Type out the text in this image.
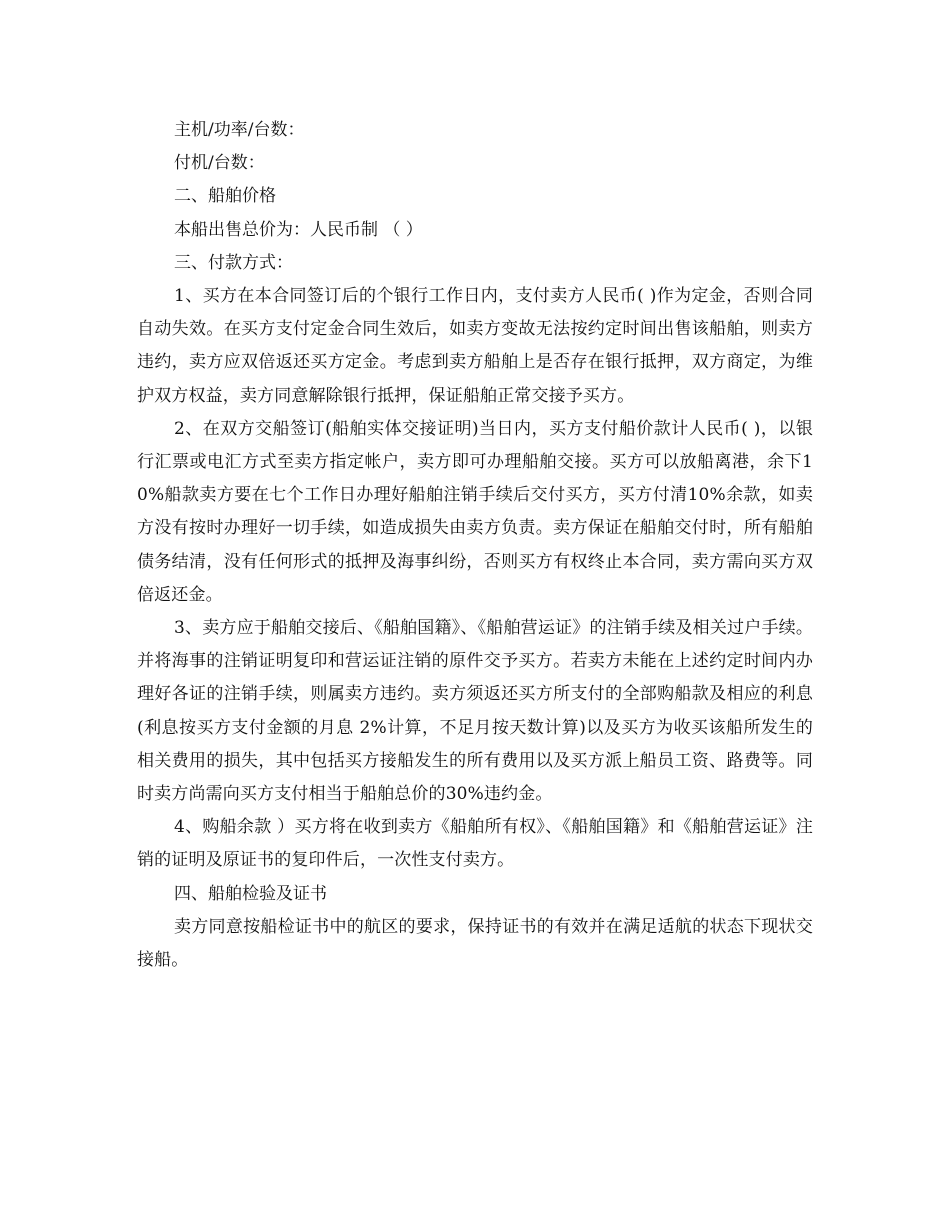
主机/功率/台数：

付机/台数：

二、船舶价格

本船出售总价为：人民币制 （ ）

三、付款方式：

1、买方在本合同签订后的个银行工作日内，支付卖方人民币( )作为定金，否则合同自动失效。在买方支付定金合同生效后，如卖方变故无法按约定时间出售该船舶，则卖方违约，卖方应双倍返还买方定金。考虑到卖方船舶上是否存在银行抵押，双方商定，为维护双方权益，卖方同意解除银行抵押，保证船舶正常交接予买方。

2、在双方交船签订(船舶实体交接证明)当日内，买方支付船价款计人民币( )，以银行汇票或电汇方式至卖方指定帐户，卖方即可办理船舶交接。买方可以放船离港，余下10%船款卖方要在七个工作日办理好船舶注销手续后交付买方，买方付清10%余款，如卖方没有按时办理好一切手续，如造成损失由卖方负责。卖方保证在船舶交付时，所有船舶债务结清，没有任何形式的抵押及海事纠纷，否则买方有权终止本合同，卖方需向买方双倍返还金。

3、卖方应于船舶交接后、《船舶国籍》、《船舶营运证》的注销手续及相关过户手续。并将海事的注销证明复印和营运证注销的原件交予买方。若卖方未能在上述约定时间内办理好各证的注销手续，则属卖方违约。卖方须返还买方所支付的全部购船款及相应的利息(利息按买方支付金额的月息 2%计算，不足月按天数计算)以及买方为收买该船所发生的相关费用的损失，其中包括买方接船发生的所有费用以及买方派上船员工资、路费等。同时卖方尚需向买方支付相当于船舶总价的30%违约金。

4、购船余款 ）买方将在收到卖方《船舶所有权》、《船舶国籍》和《船舶营运证》注销的证明及原证书的复印件后，一次性支付卖方。

四、船舶检验及证书

卖方同意按船检证书中的航区的要求，保持证书的有效并在满足适航的状态下现状交接船。
